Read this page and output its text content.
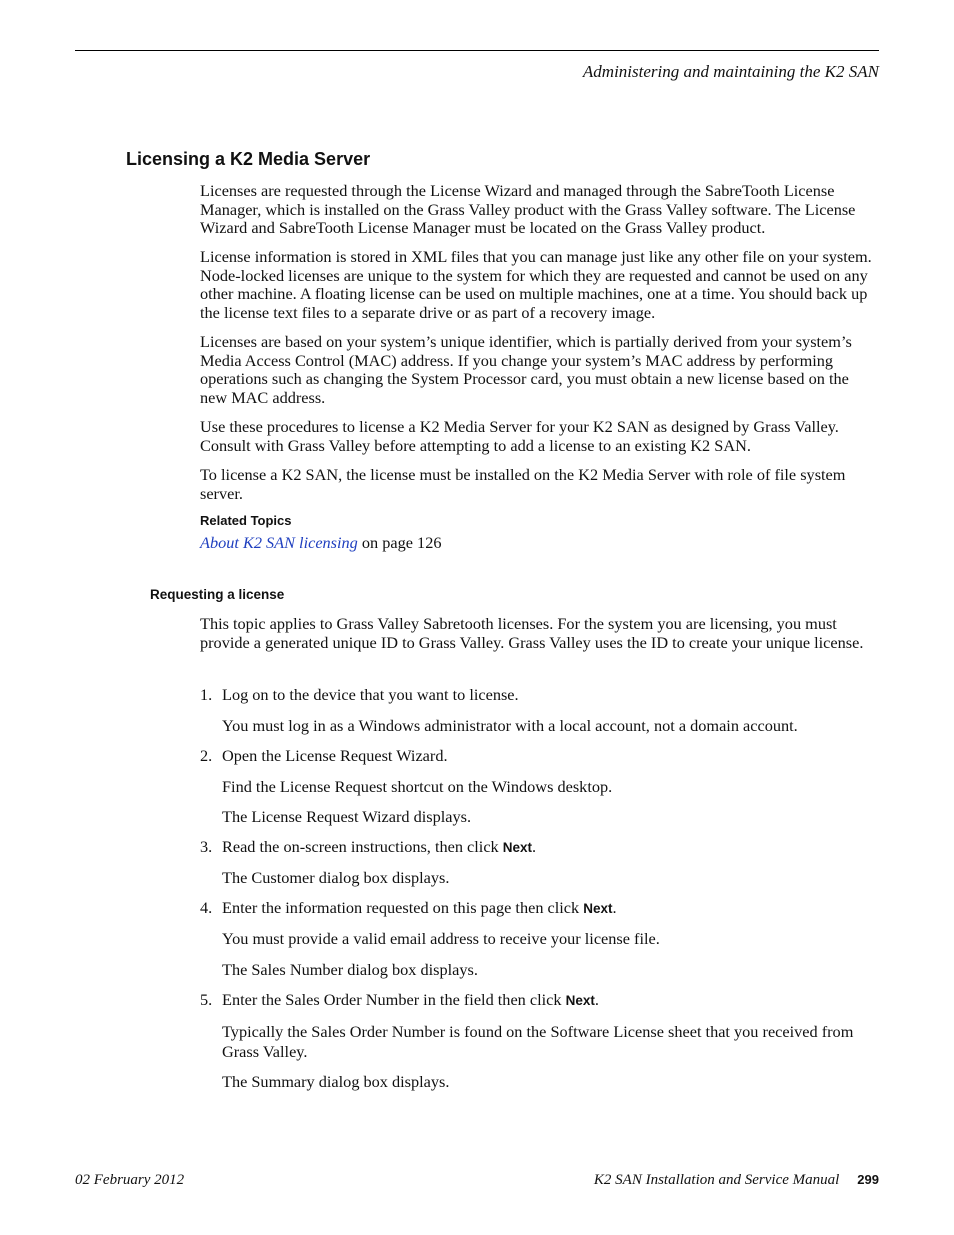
Administering and maintaining the K2 SAN
Licensing a K2 Media Server

Licenses are requested through the License Wizard and managed through the SabreTooth License Manager, which is installed on the Grass Valley product with the Grass Valley software. The License Wizard and SabreTooth License Manager must be located on the Grass Valley product.

License information is stored in XML files that you can manage just like any other file on your system. Node-locked licenses are unique to the system for which they are requested and cannot be used on any other machine. A floating license can be used on multiple machines, one at a time. You should back up the license text files to a separate drive or as part of a recovery image.

Licenses are based on your system’s unique identifier, which is partially derived from your system’s Media Access Control (MAC) address. If you change your system’s MAC address by performing operations such as changing the System Processor card, you must obtain a new license based on the new MAC address.

Use these procedures to license a K2 Media Server for your K2 SAN as designed by Grass Valley. Consult with Grass Valley before attempting to add a license to an existing K2 SAN.

To license a K2 SAN, the license must be installed on the K2 Media Server with role of file system server.

Related Topics
About K2 SAN licensing on page 126
Requesting a license

This topic applies to Grass Valley Sabretooth licenses. For the system you are licensing, you must provide a generated unique ID to Grass Valley. Grass Valley uses the ID to create your unique license.

1. Log on to the device that you want to license.
You must log in as a Windows administrator with a local account, not a domain account.
2. Open the License Request Wizard.
Find the License Request shortcut on the Windows desktop.
The License Request Wizard displays.
3. Read the on-screen instructions, then click Next.
The Customer dialog box displays.
4. Enter the information requested on this page then click Next.
You must provide a valid email address to receive your license file.
The Sales Number dialog box displays.
5. Enter the Sales Order Number in the field then click Next.
Typically the Sales Order Number is found on the Software License sheet that you received from Grass Valley.
The Summary dialog box displays.
02 February 2012	K2 SAN Installation and Service Manual 299
